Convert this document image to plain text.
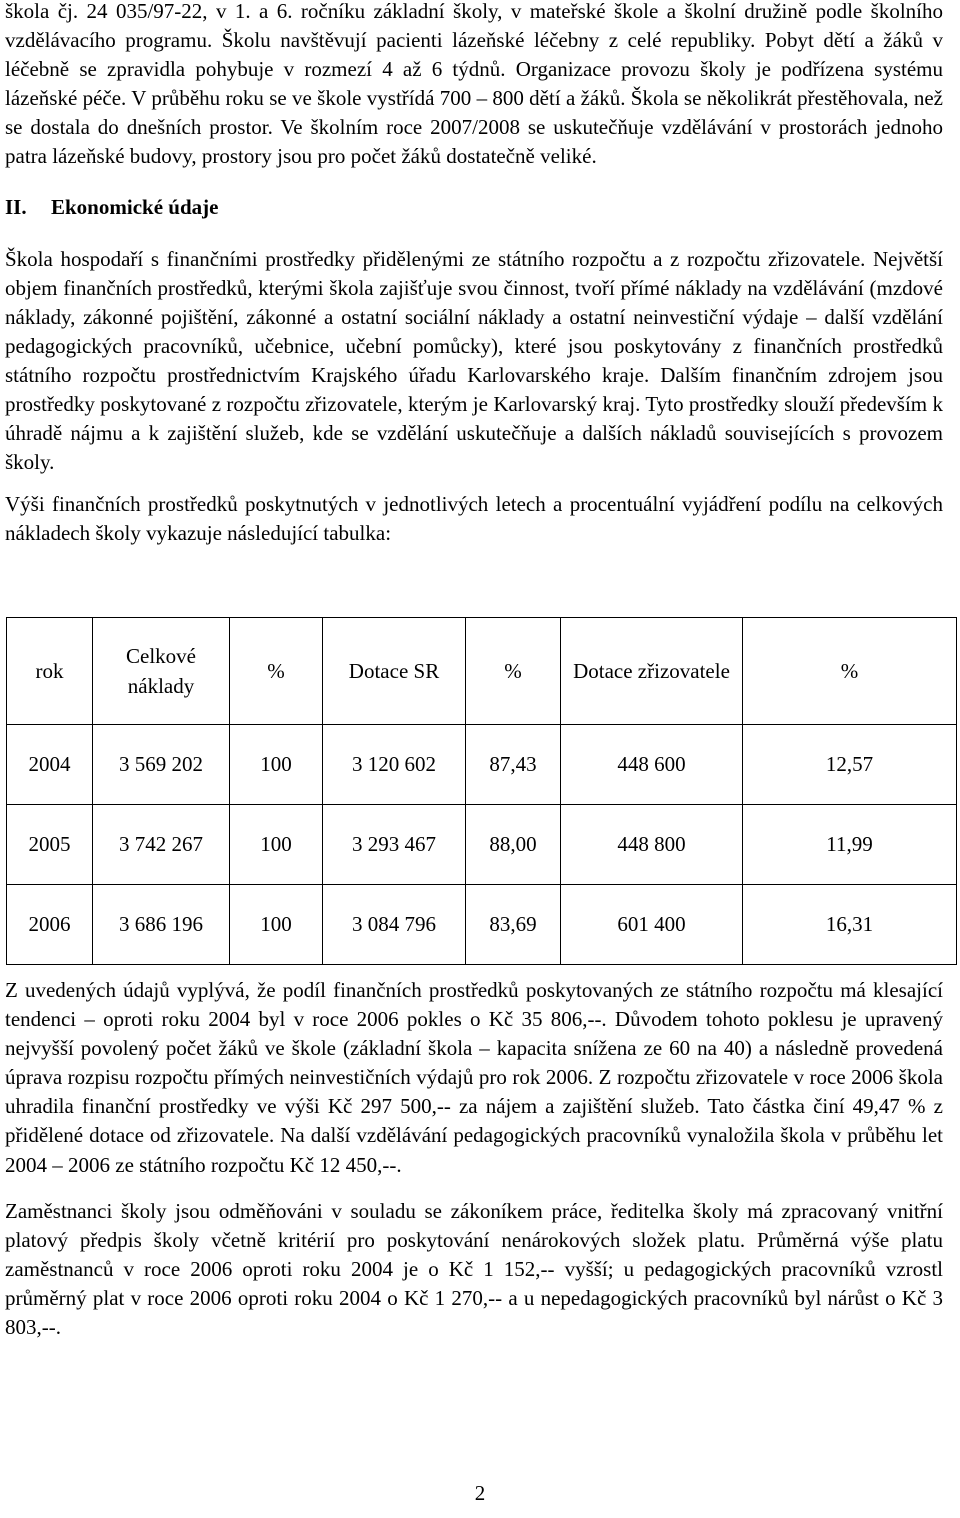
škola čj. 24 035/97-22, v 1. a 6. ročníku základní školy, v mateřské škole a školní družině podle školního vzdělávacího programu. Školu navštěvují pacienti lázeňské léčebny z celé republiky. Pobyt dětí a žáků v léčebně se zpravidla pohybuje v rozmezí 4 až 6 týdnů. Organizace provozu školy je podřízena systému lázeňské péče. V průběhu roku se ve škole vystřídá 700 – 800 dětí a žáků. Škola se několikrát přestěhovala, než se dostala do dnešních prostor. Ve školním roce 2007/2008 se uskutečňuje vzdělávání v prostorách jednoho patra lázeňské budovy, prostory jsou pro počet žáků dostatečně veliké.

II. Ekonomické údaje

Škola hospodaří s finančními prostředky přidělenými ze státního rozpočtu a z rozpočtu zřizovatele. Největší objem finančních prostředků, kterými škola zajišťuje svou činnost, tvoří přímé náklady na vzdělávání (mzdové náklady, zákonné pojištění, zákonné a ostatní sociální náklady a ostatní neinvestiční výdaje – další vzdělání pedagogických pracovníků, učebnice, učební pomůcky), které jsou poskytovány z finančních prostředků státního rozpočtu prostřednictvím Krajského úřadu Karlovarského kraje. Dalším finančním zdrojem jsou prostředky poskytované z rozpočtu zřizovatele, kterým je Karlovarský kraj. Tyto prostředky slouží především k úhradě nájmu a k zajištění služeb, kde se vzdělání uskutečňuje a dalších nákladů souvisejících s provozem školy.

Výši finančních prostředků poskytnutých v jednotlivých letech a procentuální vyjádření podílu na celkových nákladech školy vykazuje následující tabulka:

rok	Celkové náklady	%	Dotace SR	%	Dotace zřizovatele	%
2004	3 569 202	100	3 120 602	87,43	448 600	12,57
2005	3 742 267	100	3 293 467	88,00	448 800	11,99
2006	3 686 196	100	3 084 796	83,69	601 400	16,31

Z uvedených údajů vyplývá, že podíl finančních prostředků poskytovaných ze státního rozpočtu má klesající tendenci – oproti roku 2004 byl v roce 2006 pokles o Kč 35 806,--. Důvodem tohoto poklesu je upravený nejvyšší povolený počet žáků ve škole (základní škola – kapacita snížena ze 60 na 40) a následně provedená úprava rozpisu rozpočtu přímých neinvestičních výdajů pro rok 2006. Z rozpočtu zřizovatele v roce 2006 škola uhradila finanční prostředky ve výši Kč 297 500,-- za nájem a zajištění služeb. Tato částka činí 49,47 % z přidělené dotace od zřizovatele. Na další vzdělávání pedagogických pracovníků vynaložila škola v průběhu let 2004 – 2006 ze státního rozpočtu Kč 12 450,--.

Zaměstnanci školy jsou odměňováni v souladu se zákoníkem práce, ředitelka školy má zpracovaný vnitřní platový předpis školy včetně kritérií pro poskytování nenárokových složek platu. Průměrná výše platu zaměstnanců v roce 2006 oproti roku 2004 je o Kč 1 152,-- vyšší; u pedagogických pracovníků vzrostl průměrný plat v roce 2006 oproti roku 2004 o Kč 1 270,-- a u nepedagogických pracovníků byl nárůst o Kč 3 803,--.

2
